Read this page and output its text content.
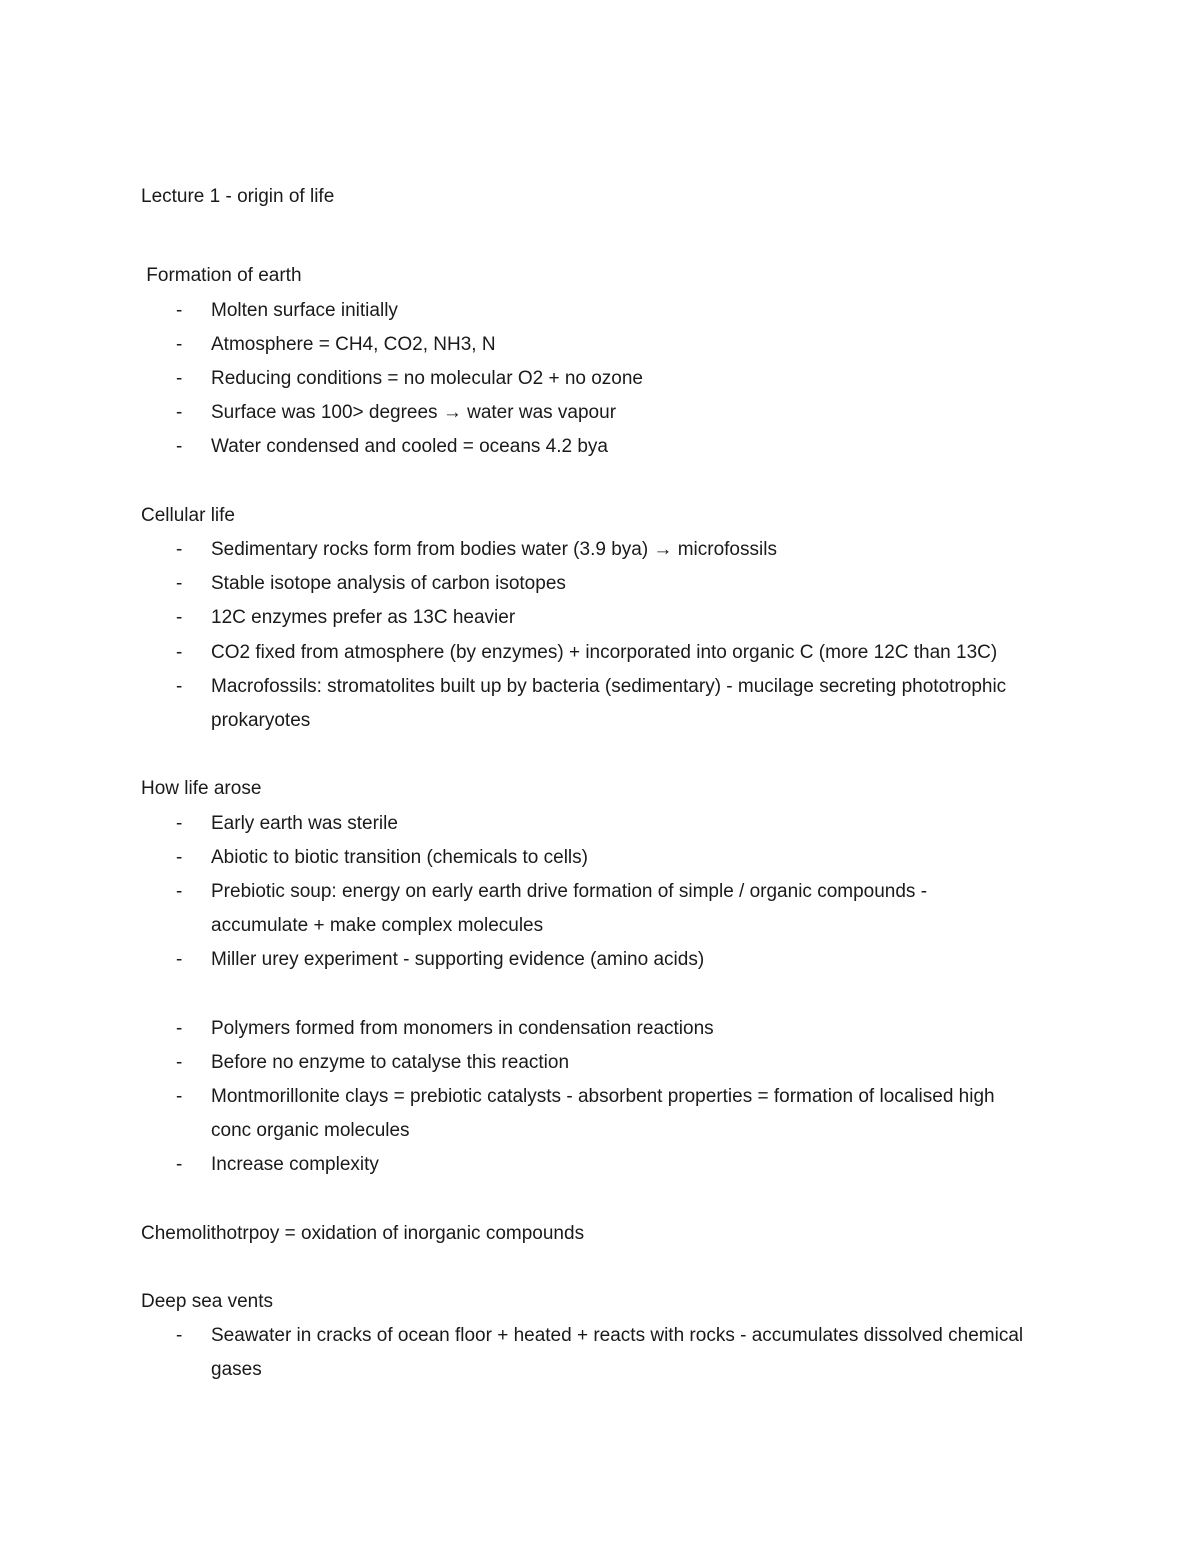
Lecture 1 - origin of life
Formation of earth
- Molten surface initially
- Atmosphere = CH4, CO2, NH3, N
- Reducing conditions = no molecular O2 + no ozone
- Surface was 100> degrees → water was vapour
- Water condensed and cooled = oceans 4.2 bya
Cellular life
- Sedimentary rocks form from bodies water (3.9 bya) → microfossils
- Stable isotope analysis of carbon isotopes
- 12C enzymes prefer as 13C heavier
- CO2 fixed from atmosphere (by enzymes) + incorporated into organic C (more 12C than 13C)
- Macrofossils: stromatolites built up by bacteria (sedimentary) - mucilage secreting phototrophic
prokaryotes
How life arose
- Early earth was sterile
- Abiotic to biotic transition (chemicals to cells)
- Prebiotic soup: energy on early earth drive formation of simple / organic compounds -
accumulate + make complex molecules
- Miller urey experiment - supporting evidence (amino acids)
- Polymers formed from monomers in condensation reactions
- Before no enzyme to catalyse this reaction
- Montmorillonite clays = prebiotic catalysts - absorbent properties = formation of localised high
conc organic molecules
- Increase complexity
Chemolithotrpoy = oxidation of inorganic compounds
Deep sea vents
- Seawater in cracks of ocean floor + heated + reacts with rocks - accumulates dissolved chemical
gases
